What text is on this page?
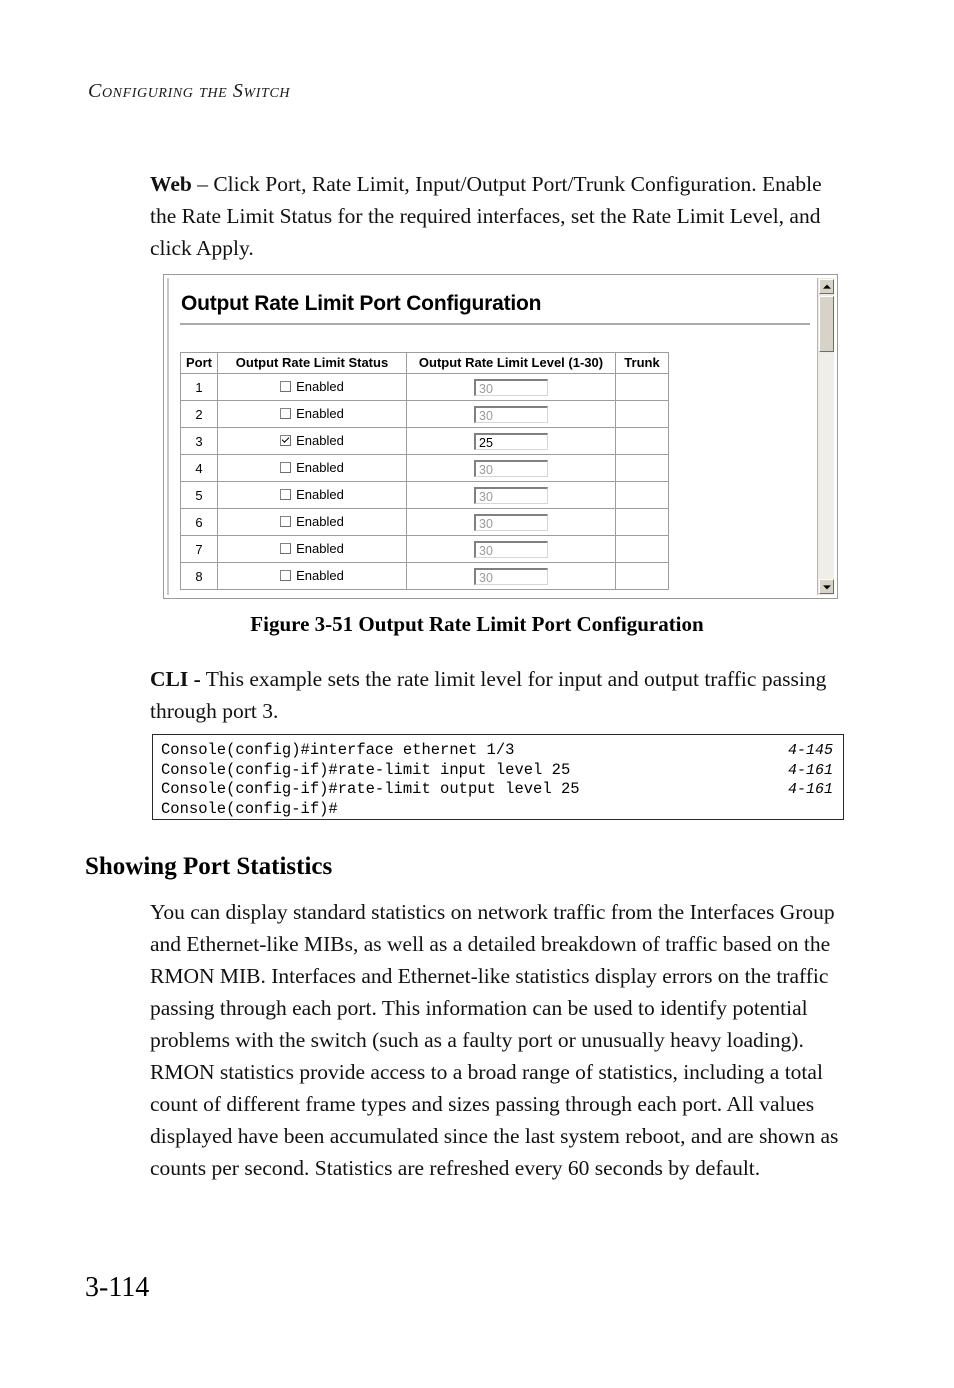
Configuring the Switch
Web – Click Port, Rate Limit, Input/Output Port/Trunk Configuration. Enable the Rate Limit Status for the required interfaces, set the Rate Limit Level, and click Apply.
Output Rate Limit Port Configuration
Port	Output Rate Limit Status	Output Rate Limit Level (1-30)	Trunk
1	Enabled	30	
2	Enabled	30	
3	Enabled	25	
4	Enabled	30	
5	Enabled	30	
6	Enabled	30	
7	Enabled	30	
8	Enabled	30	
Figure 3-51 Output Rate Limit Port Configuration
CLI - This example sets the rate limit level for input and output traffic passing through port 3.
Console(config)#interface ethernet 1/3	4-145
Console(config-if)#rate-limit input level 25	4-161
Console(config-if)#rate-limit output level 25	4-161
Console(config-if)#
Showing Port Statistics
You can display standard statistics on network traffic from the Interfaces Group and Ethernet-like MIBs, as well as a detailed breakdown of traffic based on the RMON MIB. Interfaces and Ethernet-like statistics display errors on the traffic passing through each port. This information can be used to identify potential problems with the switch (such as a faulty port or unusually heavy loading). RMON statistics provide access to a broad range of statistics, including a total count of different frame types and sizes passing through each port. All values displayed have been accumulated since the last system reboot, and are shown as counts per second. Statistics are refreshed every 60 seconds by default.
3-114
